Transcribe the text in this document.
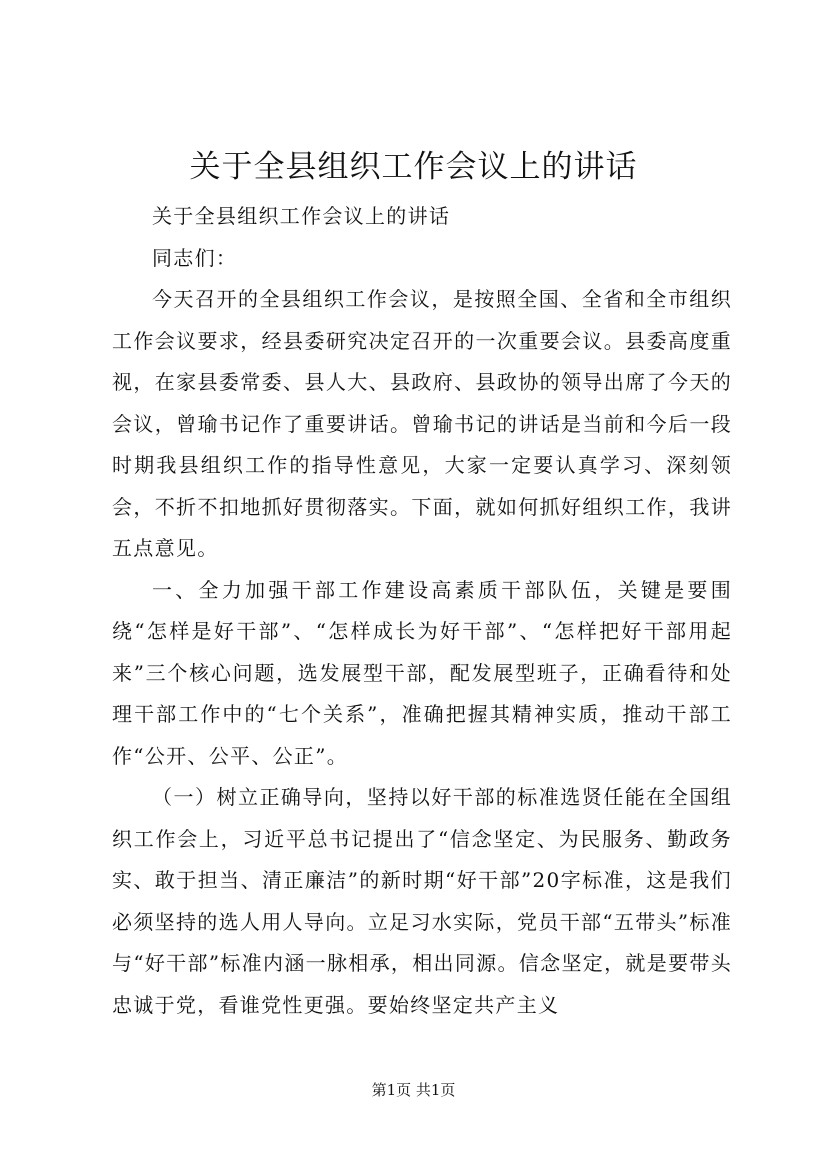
关于全县组织工作会议上的讲话

关于全县组织工作会议上的讲话

同志们：

今天召开的全县组织工作会议，是按照全国、全省和全市组织工作会议要求，经县委研究决定召开的一次重要会议。县委高度重视，在家县委常委、县人大、县政府、县政协的领导出席了今天的会议，曾瑜书记作了重要讲话。曾瑜书记的讲话是当前和今后一段时期我县组织工作的指导性意见，大家一定要认真学习、深刻领会，不折不扣地抓好贯彻落实。下面，就如何抓好组织工作，我讲五点意见。

一、全力加强干部工作建设高素质干部队伍，关键是要围绕“怎样是好干部”、“怎样成长为好干部”、“怎样把好干部用起来”三个核心问题，选发展型干部，配发展型班子，正确看待和处理干部工作中的“七个关系”，准确把握其精神实质，推动干部工作“公开、公平、公正”。

（一）树立正确导向，坚持以好干部的标准选贤任能在全国组织工作会上，习近平总书记提出了“信念坚定、为民服务、勤政务实、敢于担当、清正廉洁”的新时期“好干部”20字标准，这是我们必须坚持的选人用人导向。立足习水实际，党员干部“五带头”标准与“好干部”标准内涵一脉相承，相出同源。信念坚定，就是要带头忠诚于党，看谁党性更强。要始终坚定共产主义

第1页 共1页
